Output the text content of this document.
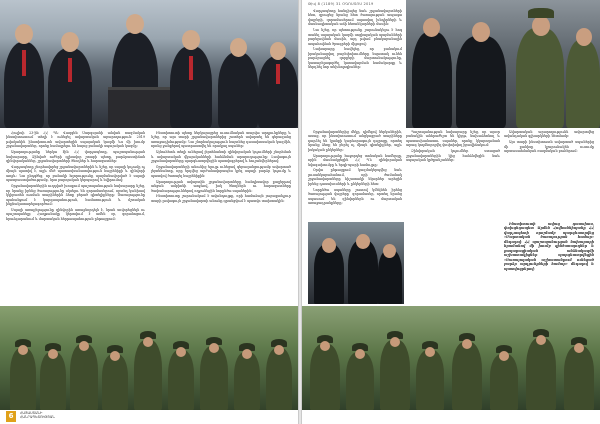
Հուլիսի 23-ին ՀՀ ՊՆ Վազգեն Սարգսյանի անվան ռազմական ինստիտուտում տեղի է ունեցել ավարտական արարողություն։ 2019 թվականին ինստիտուտն ավարտեցին սպայական կազմի ևս մի խումբ շրջանավարտներ, որոնք համալրելու են հայոց բանակի սպայական կազմը։

Արարողությանը ներկա էին ՀՀ վարչապետը, պաշտպանության նախարարը, Զինված ուժերի գլխավոր շտաբի պետը, բարձրաստիճան զինվորականներ, շրջանավարտների ծնողներ և հարազատներ։

Վարչապետը շնորհավորեց շրջանավարտներին և նշեց, որ սպայի կոչումը ոչ միայն պատիվ է, այլև մեծ պատասխանատվություն հայրենիքի և զինվորի առջև։ Նա ընդգծեց, որ բանակի հզորությունը պայմանավորված է սպայի պատրաստվածությամբ, նրա բարոյական կերպարով և նվիրումով։

Շրջանավարտներին ուղղված խոսքում պաշտպանության նախարարը նշեց, որ նրանք իրենց ծառայությունը սկսելու են զորամասերում, որտեղ կանխավ կկիրառեն ուսման տարիներին ձեռք բերած գիտելիքները։ Ծառայությունը պահանջում է կարգապահություն, համառություն և մշտական ինքնակատարելագործում։

Սպայի առաքելությունը զինվորին առաջնորդելն է, նրան սովորեցնելն ու պաշտպանելը։ Հաղթանակը կերտվում է ամեն օր, զորանոցում, հրաձգարանում և մարտական հերթապահության ընթացքում։

Ինստիտուտի պետը ներկայացրեց ուսումնական տարվա արդյունքները և նշեց, որ այս տարի շրջանավարտներից շատերն ավարտել են գերազանց առաջադիմությամբ։ Նա շնորհակալություն հայտնեց դասախոսական կազմին, որոնց ջանքերով պատրաստվել են որակյալ սպաներ։

Այնուհետև տեղի ունեցավ լեյտենանտի զինվորական կոչումների շնորհման և ավարտական վկայականների հանձնման արարողությունը։ Լավագույն շրջանավարտները պարգևատրվեցին պատվոգրերով և հուշանվերներով։

Շրջանավարտների անունից ելույթ ունեցավ գերազանցությամբ ավարտած լեյտենանտը, որը երդվեց արժանավորապես կրել սպայի բարձր կոչումը և պատվով ծառայել հայրենիքին։

Արարողության ավարտին շրջանավարտները հանդիսավոր քայլերթով անցան ամբիոնի առջևով, իսկ ծնողներն ու հարազատները ծափահարություններով ողջունեցին նորընծա սպաներին։

Ինստիտուտը շարունակում է ավանդույթը, որի համաձայն յուրաքանչյուր տարի լավագույն շրջանավարտի անունը գրանցվում է պատվո տախտակին։

6	ՀԱՅԱՍՏԱՆԻ
ՀԱՆՐԱՊԵՏՈՒԹՅԱՆ
Թիվ 8 (1189) 31 ՕԳՈՍՏՈՍ 2019

Վարչապետը հանդիպեց նաև շրջանավարտների հետ, զրուցեց նրանց հետ ծառայության ապագա վայրերի, զորամասերում սպասվող խնդիրների և մասնագիտական աճի հեռանկարների մասին։

Նա նշեց, որ պետությունը շարունակելու է հոգ տանել սպայական կազմի սոցիալական պայմանների բարելավման մասին, այդ թվում բնակարանային ապահովման ծրագրերի միջոցով։

Նախարարը հավելեց, որ բանակում իրականացվող բարեփոխումները նպատակ ունեն բարձրացնել զորքերի մարտունակությունը, կատարելագործել կառավարման համակարգը և ներդնել նոր տեխնոլոգիաներ։

Շրջանավարտներից մեկը, դիմելով ներկաներին, ասաց, որ ինստիտուտում անցկացրած տարիները դարձել են կյանքի կարևորագույն դպրոցը, որտեղ նրանք ձեռք են բերել ոչ միայն գիտելիքներ, այլև իսկական ընկերներ։

Արարողությանը հաջորդեց տոնական համերգը, որին մասնակցեցին ՀՀ ՊՆ զինվորական նվագախումբը և երգի-պարի համույթը։

Օրվա ընթացքում կազմակերպվեց նաև լուսանկարահանում, որի ժամանակ շրջանավարտները հիշատակի նկարներ արեցին իրենց դասախոսների և ընկերների հետ։

Նորընծա սպաները շուտով կմեկնեն իրենց ծառայության վայրերը՝ զորամասեր, որտեղ նրանց սպասում են զինվորներն ու մարտական առաջադրանքները։

Պաշտպանության նախարարը նշեց, որ այսօր բանակին անհրաժեշտ են կիրթ, նախաձեռնող և պատասխանատու սպաներ, որոնք կկարողանան արագ կողմնորոշվել փոփոխվող իրավիճակում։

Զինվորական կոչումներ ստացած շրջանավարտներին կից հանձնվեցին նաև սպայական կրծքանշաններ։

Ավարտական արարողությունն ավարտվեց ավանդական գլխարկների նետմամբ։

Այս տարի ինստիտուտն ավարտած սպաներից մի քանիսը կշարունակեն ուսումը արտասահմանյան ռազմական բուհերում։

Ինստիտուտի ավագ դասախոս, փոխգնդապետ Արմեն Հովհաննիսյանը ՀՀ վարչապետի որոշմամբ պարգևատրվեց «Մարտական ծառայության համար» մեդալով։ ՀՀ պաշտպանության նախարարի հրամանով մի խումբ զինծառայողներ և քաղաքացիական անձնակազմի աշխատակիցներ պարգևատրվեցին «Ծառայողական աշխատանքում ունեցած բարձր արդյունքների համար» մեդալով և պատվոգրերով։
